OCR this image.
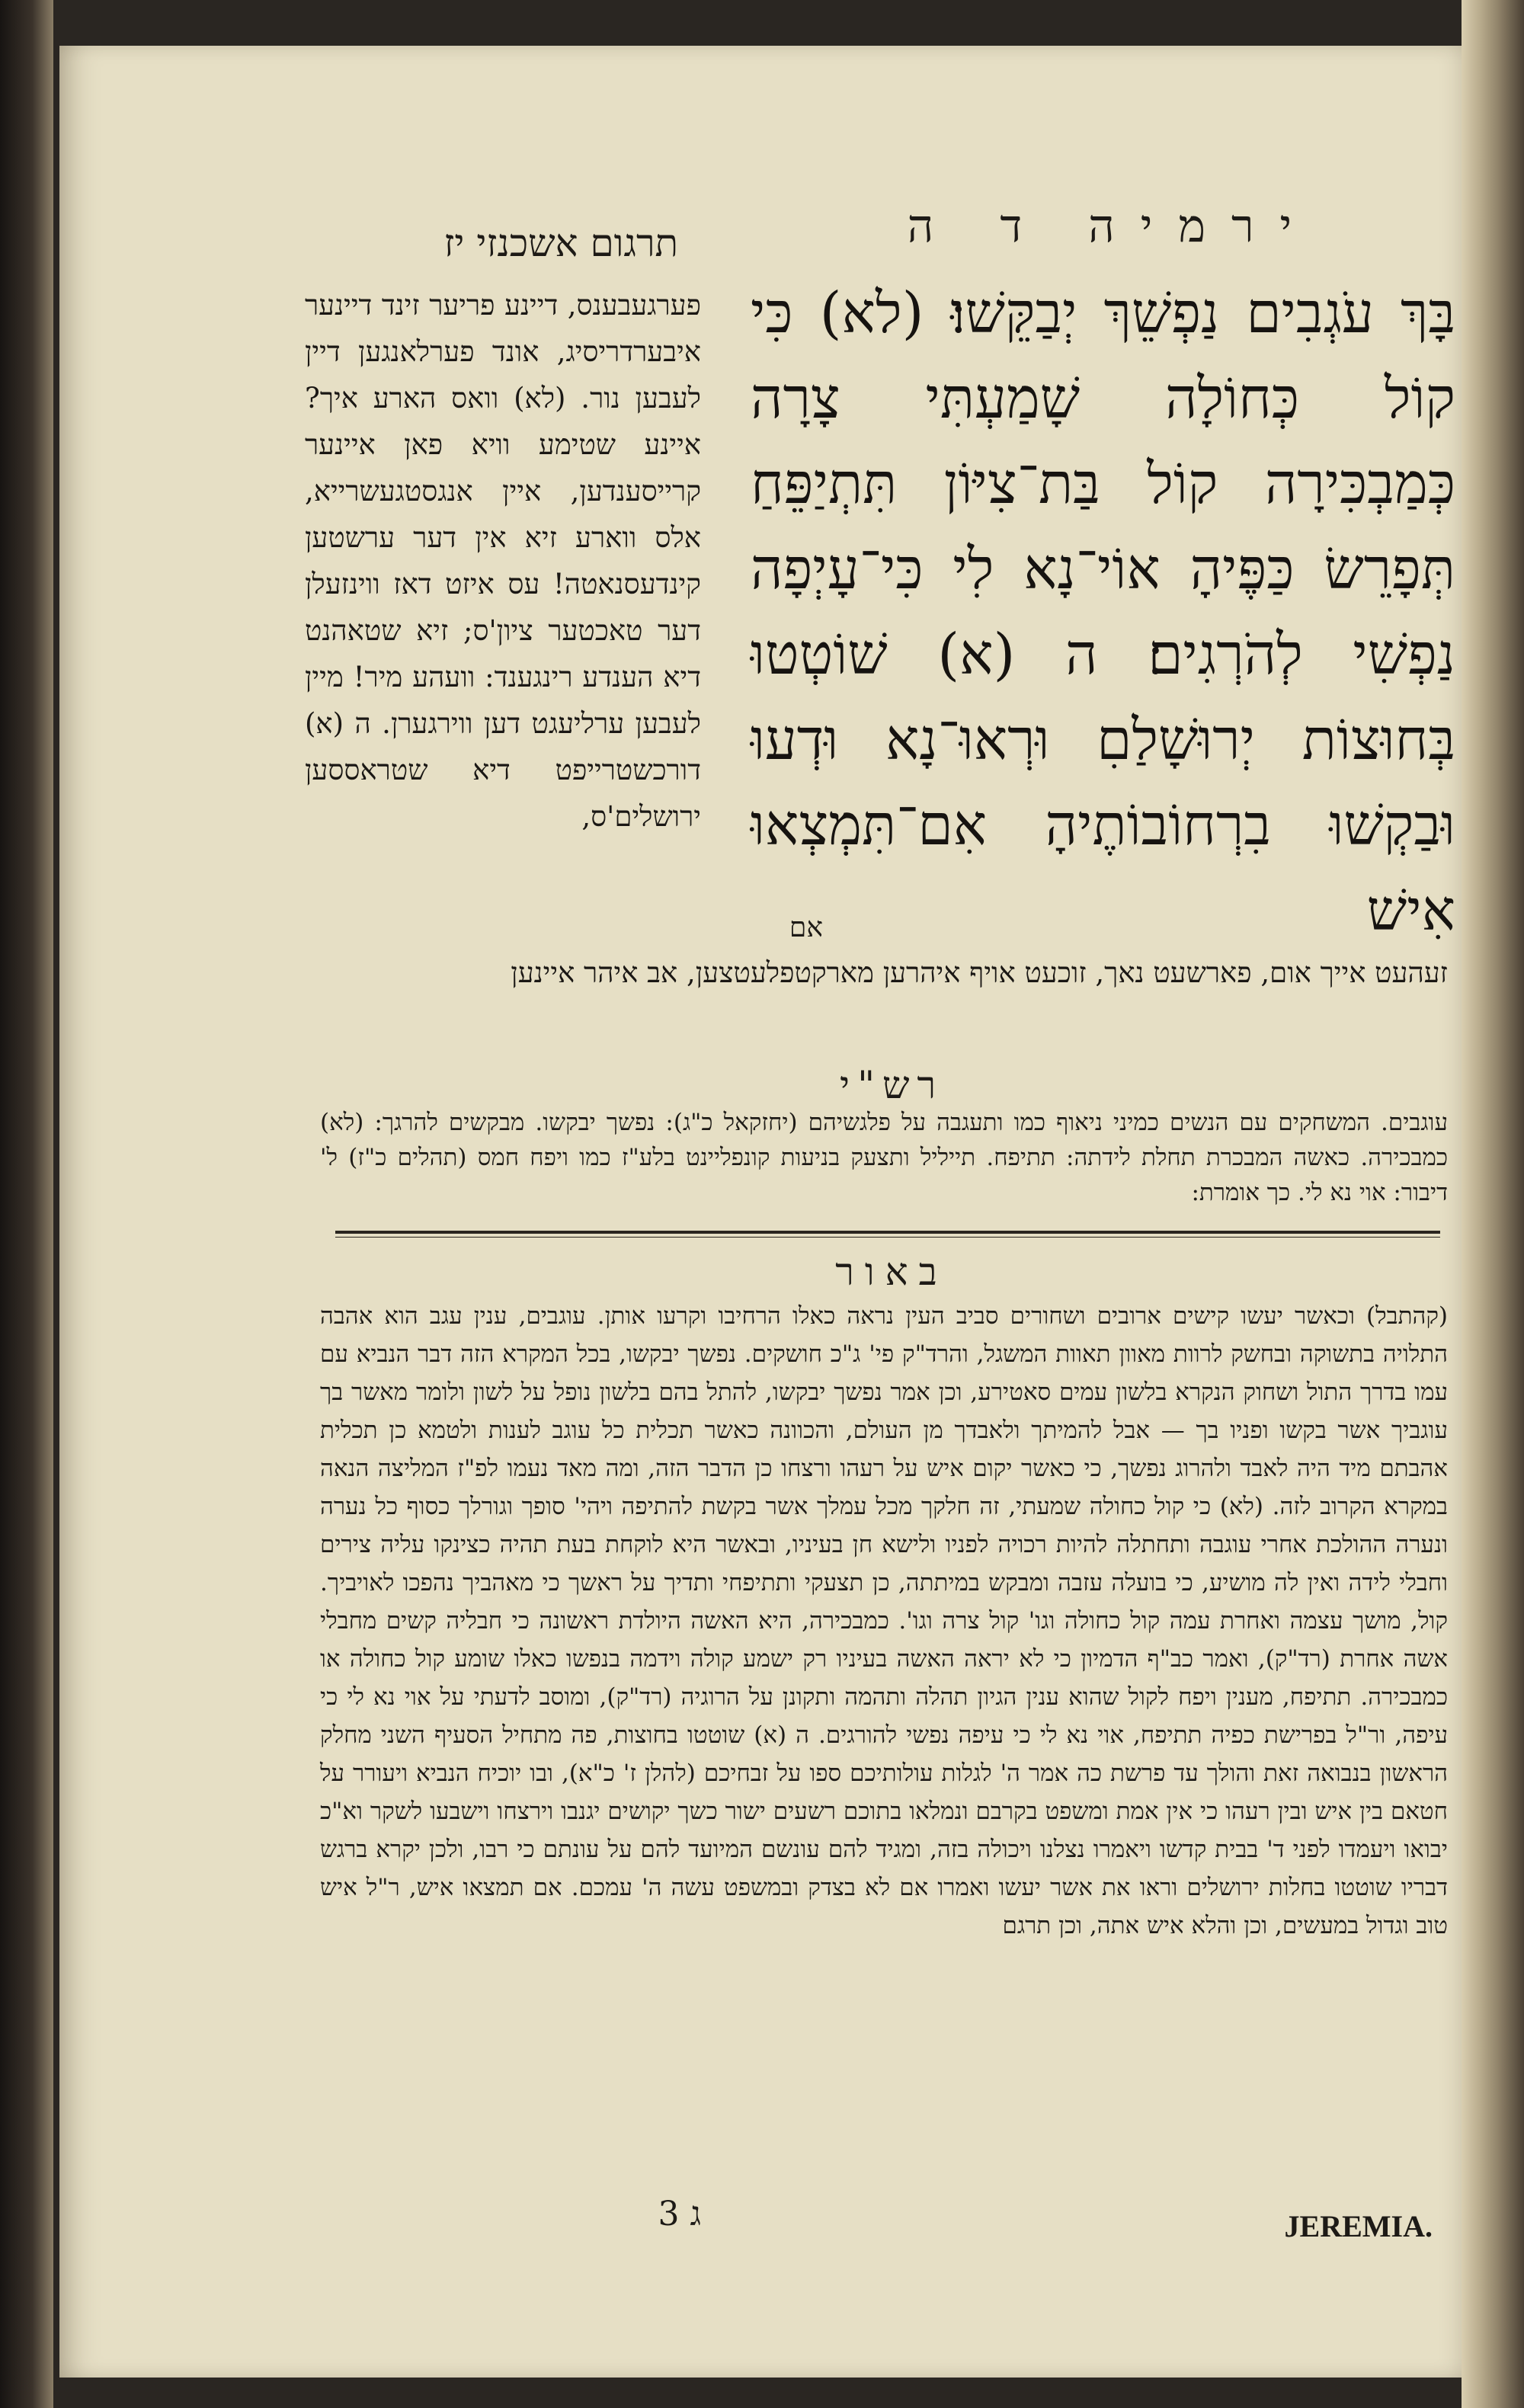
ירמיה ד ה
תרגום אשכנזי יז
בָּךְ עֹגְבִים נַפְשֵׁךְ יְבַקֵּשׁוּ׃ (לא) כִּי קוֹל כְּחוֹלָה שָׁמַעְתִּי צָרָה כְּמַבְכִּירָה קוֹל בַּת־צִיּוֹן תִּתְיַפֵּחַ תְּפָרֵשׂ כַּפֶּיהָ אוֹי־נָא לִי כִּי־עָיְפָה נַפְשִׁי לְהֹרְגִים׃ ה (א) שׁוֹטְטוּ בְּחוּצוֹת יְרוּשָׁלַםִ וּרְאוּ־נָא וּדְעוּ וּבַקְשׁוּ בִרְחוֹבוֹתֶיהָ אִם־תִּמְצְאוּ אִישׁ
אם
פערגעבענס, דיינע פריער זינד דיינער איבערדריסיג, אונד פערלאנגען דיין לעבען נור. (לא) וואס הארע איך? איינע שטימע וויא פאן איינער קרייסענדען, איין אנגסטגעשרייא, אלס ווארע זיא אין דער ערשטען קינדעסנאטה! עס איזט דאז ווינזעלן דער טאכטער ציון'ס; זיא שטאהנט דיא הענדע רינגענד: וועהע מיר! מיין לעבען ערליעגט דען ווירגערן. ה (א) דורכשטרייפט דיא שטראססען ירושלים'ס,
זעהעט אייך אום, פארשעט נאך, זוכעט אויף איהרען מארקטפלעטצען, אב איהר איינען
רש"י
עוגבים. המשחקים עם הנשים כמיני ניאוף כמו ותעגבה על פלגשיהם (יחזקאל כ"ג): נפשך יבקשו. מבקשים להרגך: (לא) כמבכירה. כאשה המבכרת תחלת לידתה: תתיפח. תייליל ותצעק בניעות קונפליינט בלע"ז כמו ויפח חמס (תהלים כ"ז) ל' דיבור: אוי נא לי. כך אומרת:
באור
(קהתבל) וכאשר יעשו קישים ארובים ושחורים סביב העין נראה כאלו הרחיבו וקרעו אותן. עוגבים, ענין עגב הוא אהבה התלויה בתשוקה ובחשק לרוות מאוון תאוות המשגל, והרד"ק פי' ג"כ חושקים. נפשך יבקשו, בכל המקרא הזה דבר הנביא עם עמו בדרך התול ושחוק הנקרא בלשון עמים סאטירע, וכן אמר נפשך יבקשו, להתל בהם בלשון נופל על לשון ולומר מאשר בך עוגביך אשר בקשו ופניו בך — אבל להמיתך ולאבדך מן העולם, והכוונה כאשר תכלית כל עוגב לענות ולטמא כן תכלית אהבתם מיד היה לאבד ולהרוג נפשך, כי כאשר יקום איש על רעהו ורצחו כן הדבר הזה, ומה מאד נעמו לפ"ז המליצה הנאה במקרא הקרוב לזה. (לא) כי קול כחולה שמעתי, זה חלקך מכל עמלך אשר בקשת להתיפה ויהי' סופך וגורלך כסוף כל נערה ונערה ההולכת אחרי עוגבה ותחתלה להיות רכויה לפניו ולישא חן בעיניו, ובאשר היא לוקחת בעת תהיה כצינקו עליה צירים וחבלי לידה ואין לה מושיע, כי בועלה עזבה ומבקש במיתתה, כן תצעקי ותתיפחי ותדיך על ראשך כי מאהביך נהפכו לאויביך. קול, מושך עצמה ואחרת עמה קול כחולה וגו' קול צרה וגו'. כמבכירה, היא האשה היולדת ראשונה כי חבליה קשים מחבלי אשה אחרת (רד"ק), ואמר כב"ף הדמיון כי לא יראה האשה בעיניו רק ישמע קולה וידמה בנפשו כאלו שומע קול כחולה או כמבכירה. תתיפח, מענין ויפח לקול שהוא ענין הגיון תהלה ותהמה ותקונן על הרוגיה (רד"ק), ומוסב לדעתי על אוי נא לי כי עיפה, ור"ל בפרישת כפיה תתיפח, אוי נא לי כי עיפה נפשי להורגים. ה (א) שוטטו בחוצות, פה מתחיל הסעיף השני מחלק הראשון בנבואה זאת והולך עד פרשת כה אמר ה' לגלות עולותיכם ספו על זבחיכם (להלן ז' כ"א), ובו יוכיח הנביא ויעורר על חטאם בין איש ובין רעהו כי אין אמת ומשפט בקרבם ונמלאו בתוכם רשעים ישור כשך יקושים יגנבו וירצחו וישבעו לשקר וא"כ יבואו ויעמדו לפני ד' בבית קדשו ויאמרו נצלנו ויכולה בזה, ומגיד להם עונשם המיועד להם על עונתם כי רבו, ולכן יקרא ברגש דבריו שוטטו בחלות ירושלים וראו את אשר יעשו ואמרו אם לא בצדק ובמשפט עשה ה' עמכם. אם תמצאו איש, ר"ל איש טוב וגדול במעשים, וכן והלא איש אתה, וכן תרגם
ג 3	JEREMIA.
